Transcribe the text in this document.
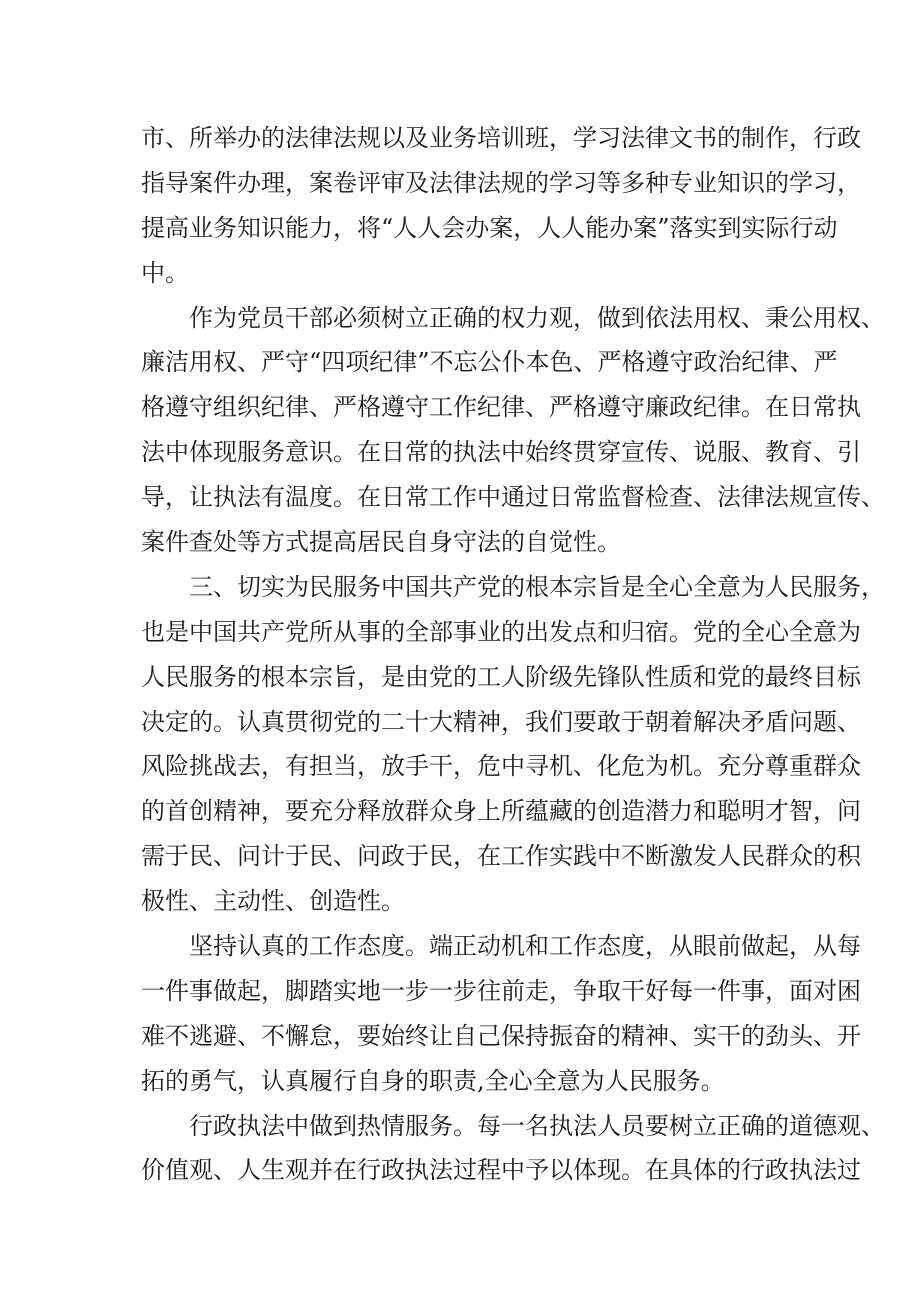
市、所举办的法律法规以及业务培训班，学习法律文书的制作，行政
指导案件办理，案卷评审及法律法规的学习等多种专业知识的学习，
提高业务知识能力，将“人人会办案，人人能办案”落实到实际行动
中。
作为党员干部必须树立正确的权力观，做到依法用权、秉公用权、
廉洁用权、严守“四项纪律”不忘公仆本色、严格遵守政治纪律、严
格遵守组织纪律、严格遵守工作纪律、严格遵守廉政纪律。在日常执
法中体现服务意识。在日常的执法中始终贯穿宣传、说服、教育、引
导，让执法有温度。在日常工作中通过日常监督检查、法律法规宣传、
案件查处等方式提高居民自身守法的自觉性。
三、切实为民服务中国共产党的根本宗旨是全心全意为人民服务，
也是中国共产党所从事的全部事业的出发点和归宿。党的全心全意为
人民服务的根本宗旨，是由党的工人阶级先锋队性质和党的最终目标
决定的。认真贯彻党的二十大精神，我们要敢于朝着解决矛盾问题、
风险挑战去，有担当，放手干，危中寻机、化危为机。充分尊重群众
的首创精神，要充分释放群众身上所蕴藏的创造潜力和聪明才智，问
需于民、问计于民、问政于民，在工作实践中不断激发人民群众的积
极性、主动性、创造性。
坚持认真的工作态度。端正动机和工作态度，从眼前做起，从每
一件事做起，脚踏实地一步一步往前走，争取干好每一件事，面对困
难不逃避、不懈怠，要始终让自己保持振奋的精神、实干的劲头、开
拓的勇气，认真履行自身的职责,全心全意为人民服务。
行政执法中做到热情服务。每一名执法人员要树立正确的道德观、
价值观、人生观并在行政执法过程中予以体现。在具体的行政执法过
